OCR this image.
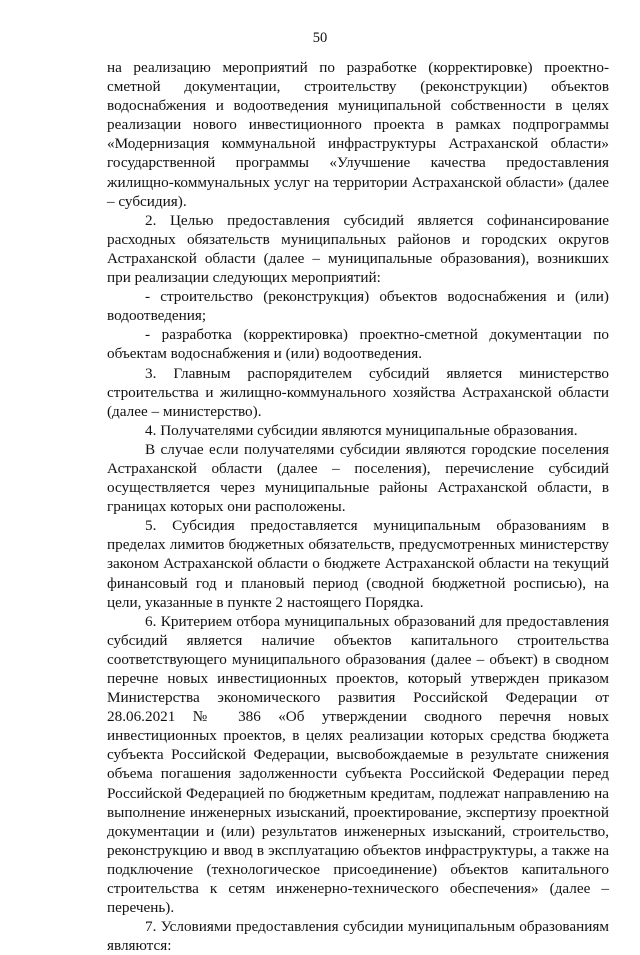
50

на реализацию мероприятий по разработке (корректировке) проектно-сметной документации, строительству (реконструкции) объектов водоснабжения и водоотведения муниципальной собственности в целях реализации нового инвестиционного проекта в рамках подпрограммы «Модернизация коммунальной инфраструктуры Астраханской области» государственной программы «Улучшение качества предоставления жилищно-коммунальных услуг на территории Астраханской области» (далее – субсидия).

2. Целью предоставления субсидий является софинансирование расходных обязательств муниципальных районов и городских округов Астраханской области (далее – муниципальные образования), возникших при реализации следующих мероприятий:

- строительство (реконструкция) объектов водоснабжения и (или) водоотведения;

- разработка (корректировка) проектно-сметной документации по объектам водоснабжения и (или) водоотведения.

3. Главным распорядителем субсидий является министерство строительства и жилищно-коммунального хозяйства Астраханской области (далее – министерство).

4. Получателями субсидии являются муниципальные образования.

В случае если получателями субсидии являются городские поселения Астраханской области (далее – поселения), перечисление субсидий осуществляется через муниципальные районы Астраханской области, в границах которых они расположены.

5. Субсидия предоставляется муниципальным образованиям в пределах лимитов бюджетных обязательств, предусмотренных министерству законом Астраханской области о бюджете Астраханской области на текущий финансовый год и плановый период (сводной бюджетной росписью), на цели, указанные в пункте 2 настоящего Порядка.

6. Критерием отбора муниципальных образований для предоставления субсидий является наличие объектов капитального строительства соответствующего муниципального образования (далее – объект) в сводном перечне новых инвестиционных проектов, который утвержден приказом Министерства экономического развития Российской Федерации от 28.06.2021 № 386 «Об утверждении сводного перечня новых инвестиционных проектов, в целях реализации которых средства бюджета субъекта Российской Федерации, высвобождаемые в результате снижения объема погашения задолженности субъекта Российской Федерации перед Российской Федерацией по бюджетным кредитам, подлежат направлению на выполнение инженерных изысканий, проектирование, экспертизу проектной документации и (или) результатов инженерных изысканий, строительство, реконструкцию и ввод в эксплуатацию объектов инфраструктуры, а также на подключение (технологическое присоединение) объектов капитального строительства к сетям инженерно-технического обеспечения» (далее – перечень).

7. Условиями предоставления субсидии муниципальным образованиям являются:
